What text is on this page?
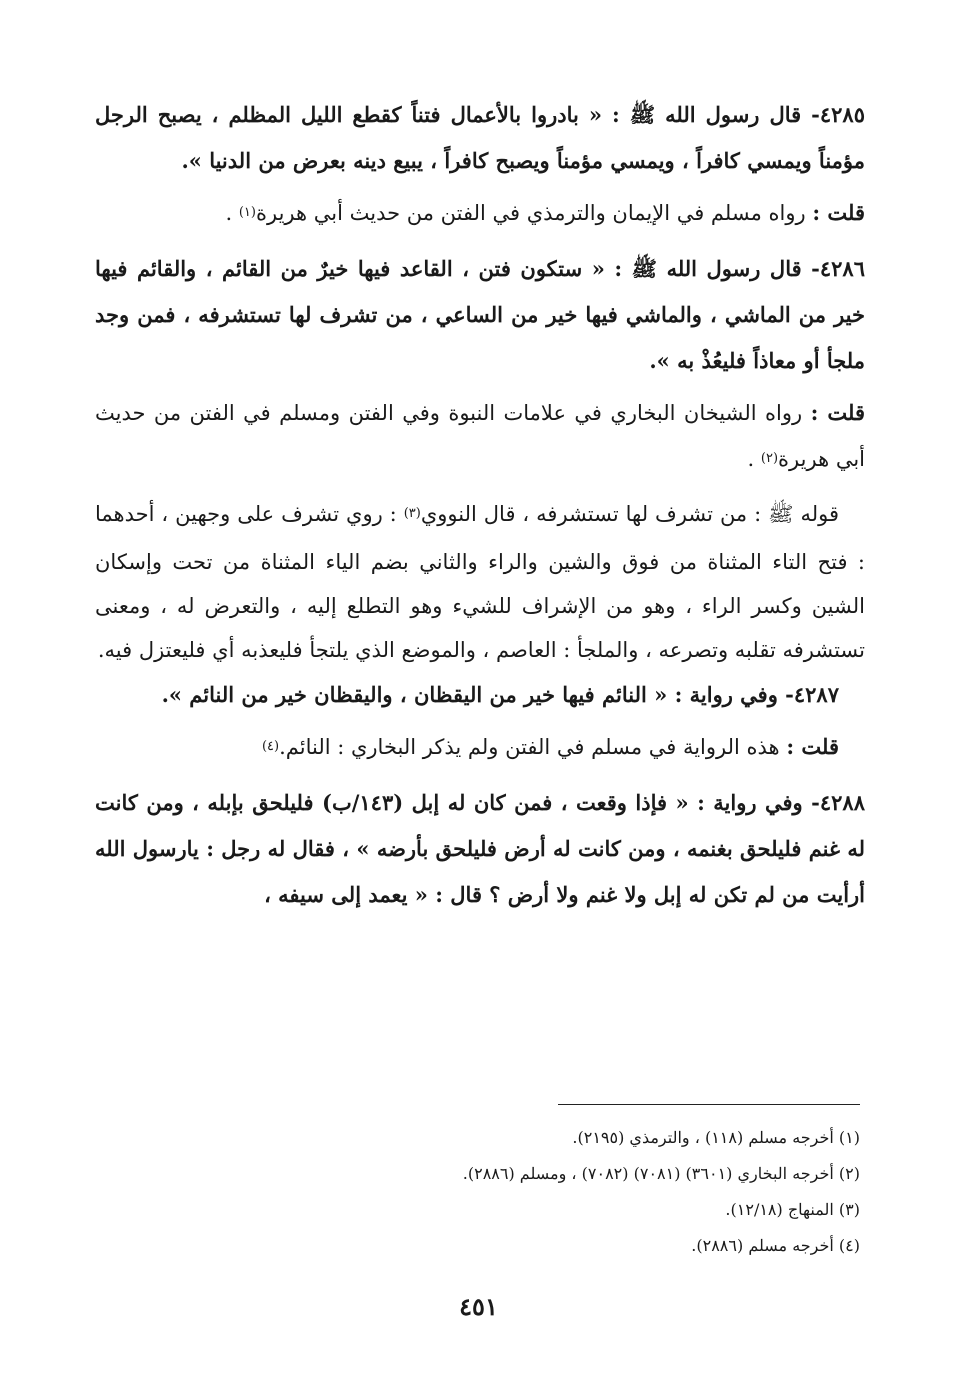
٤٢٨٥- قال رسول الله ﷺ : « بادروا بالأعمال فتناً كقطع الليل المظلم ، يصبح الرجل مؤمناً ويمسي كافراً ، ويمسي مؤمناً ويصبح كافراً ، يبيع دينه بعرض من الدنيا ».

قلت : رواه مسلم في الإيمان والترمذي في الفتن من حديث أبي هريرة$^{(١)}$ .

٤٢٨٦- قال رسول الله ﷺ : « ستكون فتن ، القاعد فيها خيرٌ من القائم ، والقائم فيها خير من الماشي ، والماشي فيها خير من الساعي ، من تشرف لها تستشرفه ، فمن وجد ملجأ أو معاذاً فليعُذْ به ».

قلت : رواه الشيخان البخاري في علامات النبوة وفي الفتن ومسلم في الفتن من حديث أبي هريرة$^{(٢)}$ .

قوله ﷺ : من تشرف لها تستشرفه ، قال النووي$^{(٣)}$ : روي تشرف على وجهين ، أحدهما : فتح التاء المثناة من فوق والشين والراء والثاني بضم الياء المثناة من تحت وإسكان الشين وكسر الراء ، وهو من الإشراف للشيء وهو التطلع إليه ، والتعرض له ، ومعنى تستشرفه تقلبه وتصرعه ، والملجأ : العاصم ، والموضع الذي يلتجأ فليعذبه أي فليعتزل فيه.

٤٢٨٧- وفي رواية : « النائم فيها خير من اليقظان ، واليقظان خير من النائم ».

قلت : هذه الرواية في مسلم في الفتن ولم يذكر البخاري : النائم.$^{(٤)}$

٤٢٨٨- وفي رواية : « فإذا وقعت ، فمن كان له إبل (١٤٣/ب) فليلحق بإبله ، ومن كانت له غنم فليلحق بغنمه ، ومن كانت له أرض فليلحق بأرضه » ، فقال له رجل : يارسول الله أرأيت من لم تكن له إبل ولا غنم ولا أرض ؟ قال : « يعمد إلى سيفه ،

(١) أخرجه مسلم (١١٨) ، والترمذي (٢١٩٥).

(٢) أخرجه البخاري (٣٦٠١) (٧٠٨١) (٧٠٨٢) ، ومسلم (٢٨٨٦).

(٣) المنهاج (١٢/١٨).

(٤) أخرجه مسلم (٢٨٨٦).

٤٥١
